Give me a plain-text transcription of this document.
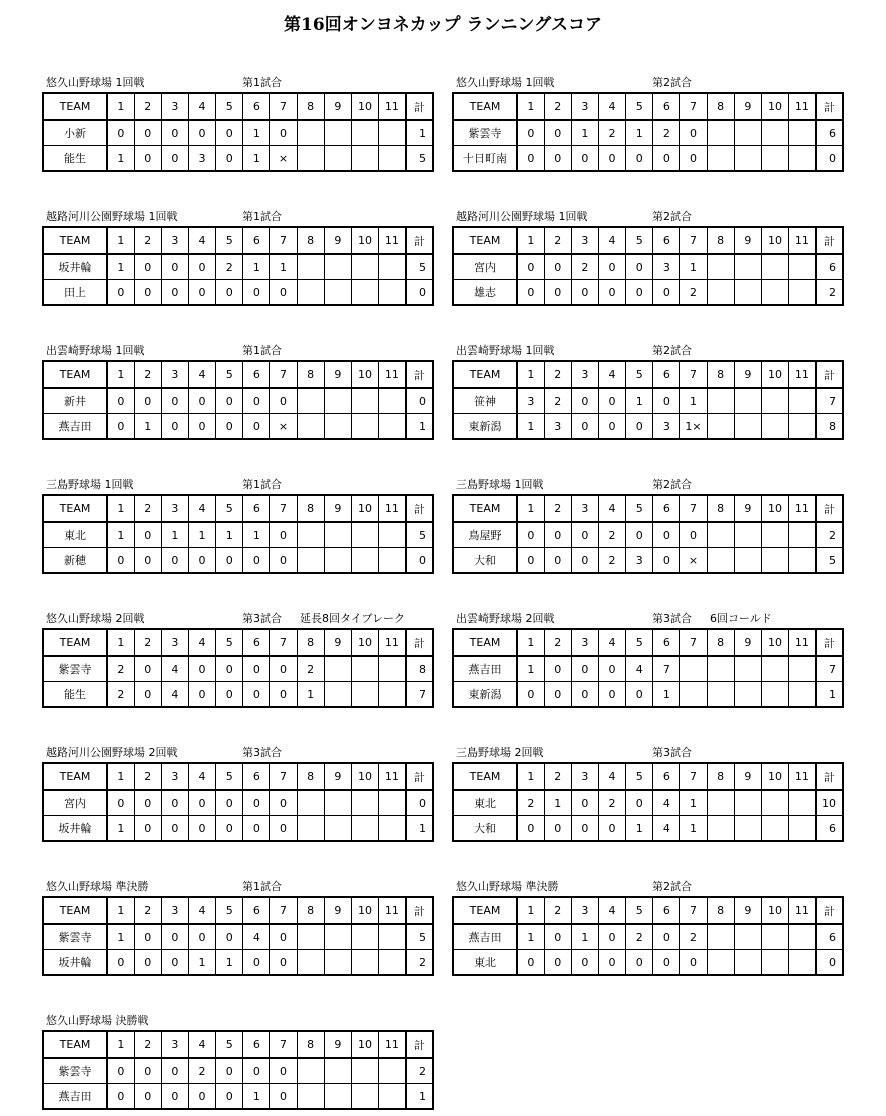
第16回オンヨネカップ ランニングスコア
悠久山野球場 1回戦	第1試合
TEAM	1	2	3	4	5	6	7	8	9	10	11	計
小新	0	0	0	0	0	1	0					1
能生	1	0	0	3	0	1	×					5
悠久山野球場 1回戦	第2試合
TEAM	1	2	3	4	5	6	7	8	9	10	11	計
紫雲寺	0	0	1	2	1	2	0					6
十日町南	0	0	0	0	0	0	0					0
越路河川公園野球場 1回戦	第1試合
TEAM	1	2	3	4	5	6	7	8	9	10	11	計
坂井輪	1	0	0	0	2	1	1					5
田上	0	0	0	0	0	0	0					0
越路河川公園野球場 1回戦	第2試合
TEAM	1	2	3	4	5	6	7	8	9	10	11	計
宮内	0	0	2	0	0	3	1					6
雄志	0	0	0	0	0	0	2					2
出雲崎野球場 1回戦	第1試合
TEAM	1	2	3	4	5	6	7	8	9	10	11	計
新井	0	0	0	0	0	0	0					0
燕吉田	0	1	0	0	0	0	×					1
出雲崎野球場 1回戦	第2試合
TEAM	1	2	3	4	5	6	7	8	9	10	11	計
笹神	3	2	0	0	1	0	1					7
東新潟	1	3	0	0	0	3	1×					8
三島野球場 1回戦	第1試合
TEAM	1	2	3	4	5	6	7	8	9	10	11	計
東北	1	0	1	1	1	1	0					5
新穂	0	0	0	0	0	0	0					0
三島野球場 1回戦	第2試合
TEAM	1	2	3	4	5	6	7	8	9	10	11	計
鳥屋野	0	0	0	2	0	0	0					2
大和	0	0	0	2	3	0	×					5
悠久山野球場 2回戦	第3試合 延長8回タイブレーク
TEAM	1	2	3	4	5	6	7	8	9	10	11	計
紫雲寺	2	0	4	0	0	0	0	2				8
能生	2	0	4	0	0	0	0	1				7
出雲崎野球場 2回戦	第3試合 6回コールド
TEAM	1	2	3	4	5	6	7	8	9	10	11	計
燕吉田	1	0	0	0	4	7						7
東新潟	0	0	0	0	0	1						1
越路河川公園野球場 2回戦	第3試合
TEAM	1	2	3	4	5	6	7	8	9	10	11	計
宮内	0	0	0	0	0	0	0					0
坂井輪	1	0	0	0	0	0	0					1
三島野球場 2回戦	第3試合
TEAM	1	2	3	4	5	6	7	8	9	10	11	計
東北	2	1	0	2	0	4	1					10
大和	0	0	0	0	1	4	1					6
悠久山野球場 準決勝	第1試合
TEAM	1	2	3	4	5	6	7	8	9	10	11	計
紫雲寺	1	0	0	0	0	4	0					5
坂井輪	0	0	0	1	1	0	0					2
悠久山野球場 準決勝	第2試合
TEAM	1	2	3	4	5	6	7	8	9	10	11	計
燕吉田	1	0	1	0	2	0	2					6
東北	0	0	0	0	0	0	0					0
悠久山野球場 決勝戦
TEAM	1	2	3	4	5	6	7	8	9	10	11	計
紫雲寺	0	0	0	2	0	0	0					2
燕吉田	0	0	0	0	0	1	0					1
